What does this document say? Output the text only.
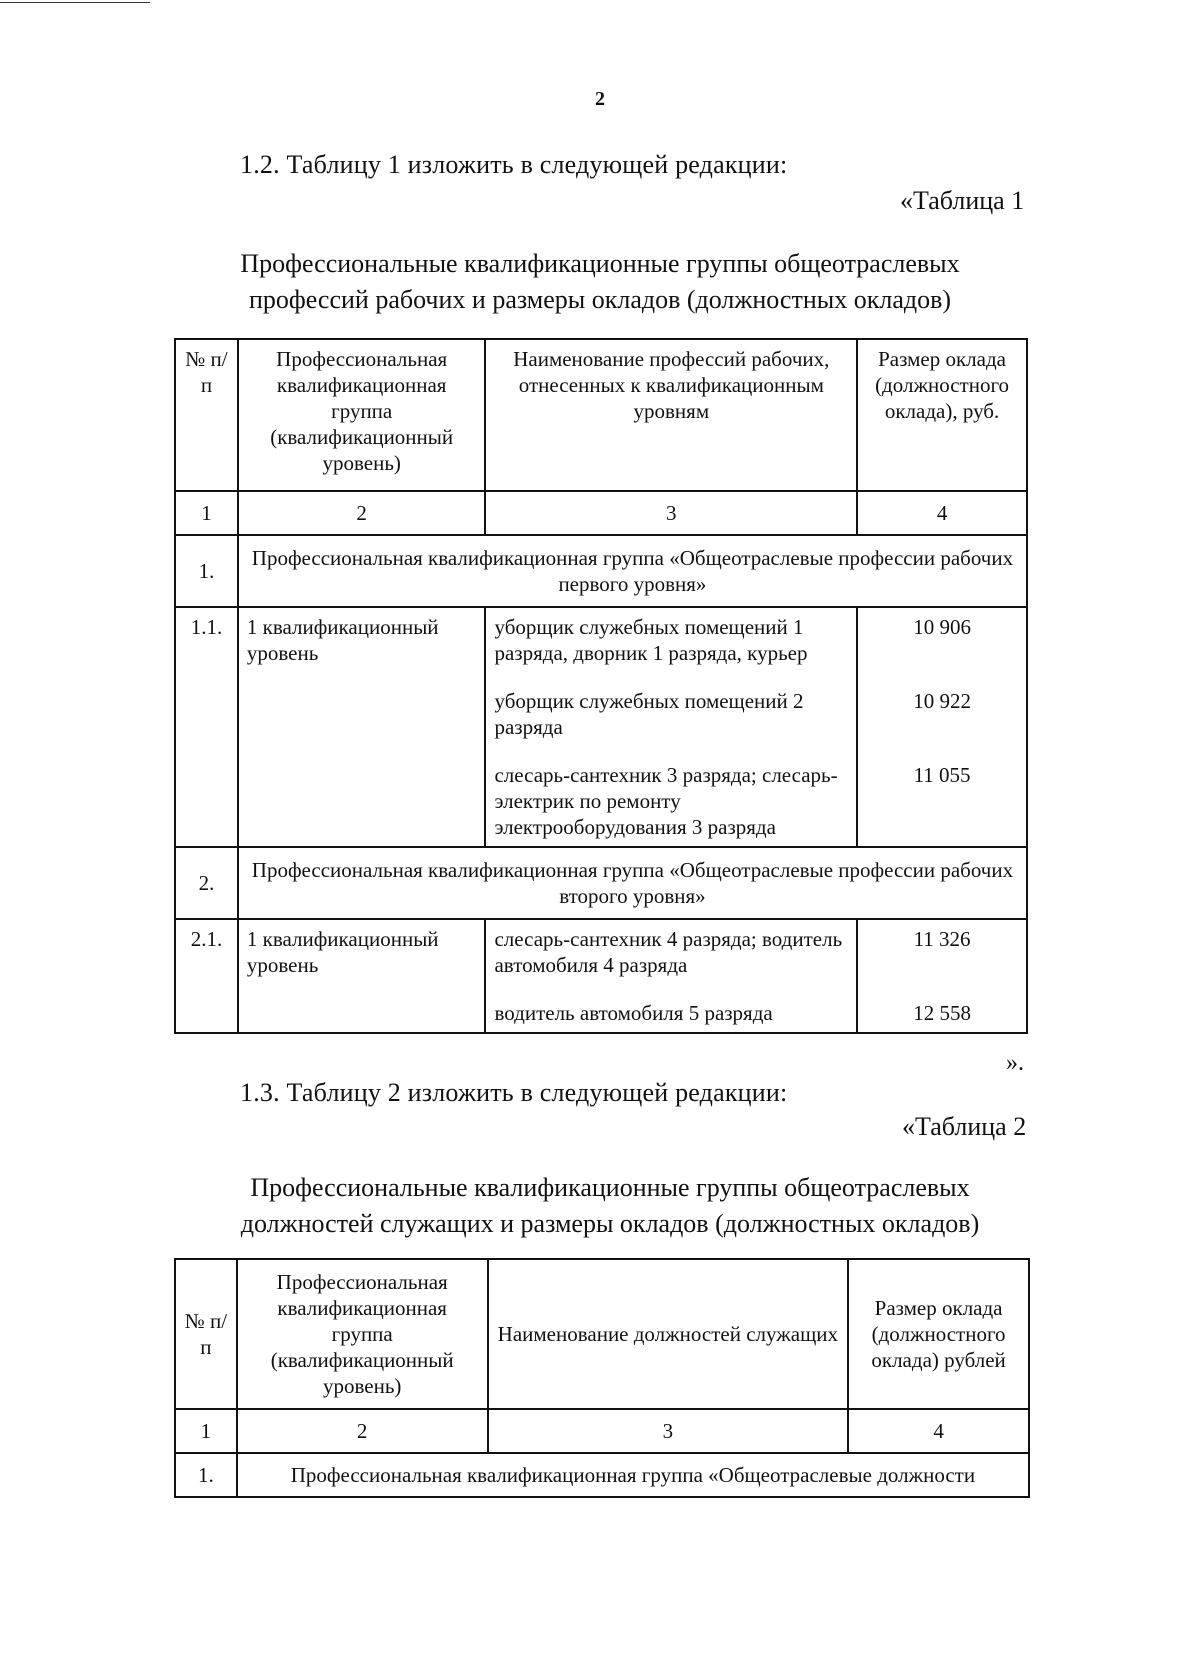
2
1.2. Таблицу 1 изложить в следующей редакции:
«Таблица 1
Профессиональные квалификационные группы общеотраслевых
профессий рабочих и размеры окладов (должностных окладов)
№ п/п	Профессиональная квалификационная группа (квалификационный уровень)	Наименование профессий рабочих, отнесенных к квалификационным уровням	Размер оклада (должностного оклада), руб.
1	2	3	4
1.	Профессиональная квалификационная группа «Общеотраслевые профессии рабочих первого уровня»		
1.1.	1 квалификационный уровень	уборщик служебных помещений 1 разряда, дворник 1 разряда, курьер	10 906
		уборщик служебных помещений 2 разряда	10 922
		слесарь-сантехник 3 разряда; слесарь-электрик по ремонту электрооборудования 3 разряда	11 055
2.	Профессиональная квалификационная группа «Общеотраслевые профессии рабочих второго уровня»		
2.1.	1 квалификационный уровень	слесарь-сантехник 4 разряда; водитель автомобиля 4 разряда	11 326
		водитель автомобиля 5 разряда	12 558
».
1.3. Таблицу 2 изложить в следующей редакции:
«Таблица 2
Профессиональные квалификационные группы общеотраслевых
должностей служащих и размеры окладов (должностных окладов)
№ п/п	Профессиональная квалификационная группа (квалификационный уровень)	Наименование должностей служащих	Размер оклада (должностного оклада) рублей
1	2	3	4
1.	Профессиональная квалификационная группа «Общеотраслевые должности		
